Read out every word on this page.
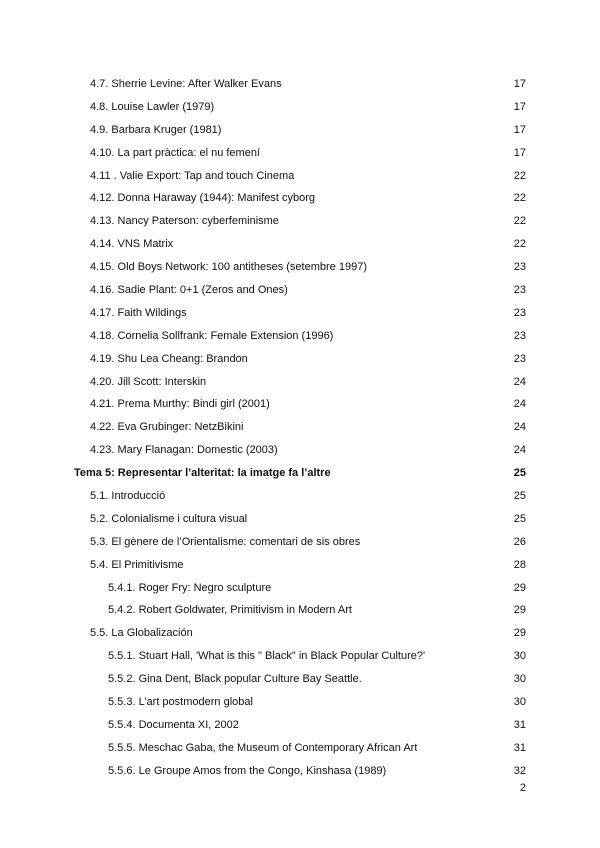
4.7. Sherrie Levine: After Walker Evans	17
4.8. Louise Lawler (1979)	17
4.9. Barbara Kruger (1981)	17
4.10. La part pràctica: el nu femení	17
4.11 . Valie Export: Tap and touch Cinema	22
4.12. Donna Haraway (1944): Manifest cyborg	22
4.13. Nancy Paterson: cyberfeminisme	22
4.14. VNS Matrix	22
4.15. Old Boys Network: 100 antitheses (setembre 1997)	23
4.16. Sadie Plant: 0+1 (Zeros and Ones)	23
4.17. Faith Wildings	23
4.18. Cornelia Sollfrank: Female Extension (1996)	23
4.19. Shu Lea Cheang: Brandon	23
4.20. Jill Scott: Interskin	24
4.21. Prema Murthy: Bindi girl (2001)	24
4.22. Eva Grubinger: NetzBikini	24
4.23. Mary Flanagan: Domestic (2003)	24
Tema 5: Representar l’alteritat: la imatge fa l’altre	25
5.1. Introducció	25
5.2. Colonialisme i cultura visual	25
5.3. El gènere de l’Orientalisme: comentari de sis obres	26
5.4. El Primitivisme	28
5.4.1. Roger Fry: Negro sculpture	29
5.4.2. Robert Goldwater, Primitivism in Modern Art	29
5.5. La Globalización	29
5.5.1. Stuart Hall, 'What is this " Black" in Black Popular Culture?'	30
5.5.2. Gina Dent, Black popular Culture Bay Seattle.	30
5.5.3. L’art postmodern global	30
5.5.4. Documenta XI, 2002	31
5.5.5. Meschac Gaba, the Museum of Contemporary African Art	31
5.5.6. Le Groupe Amos from the Congo, Kinshasa (1989)	32
2
